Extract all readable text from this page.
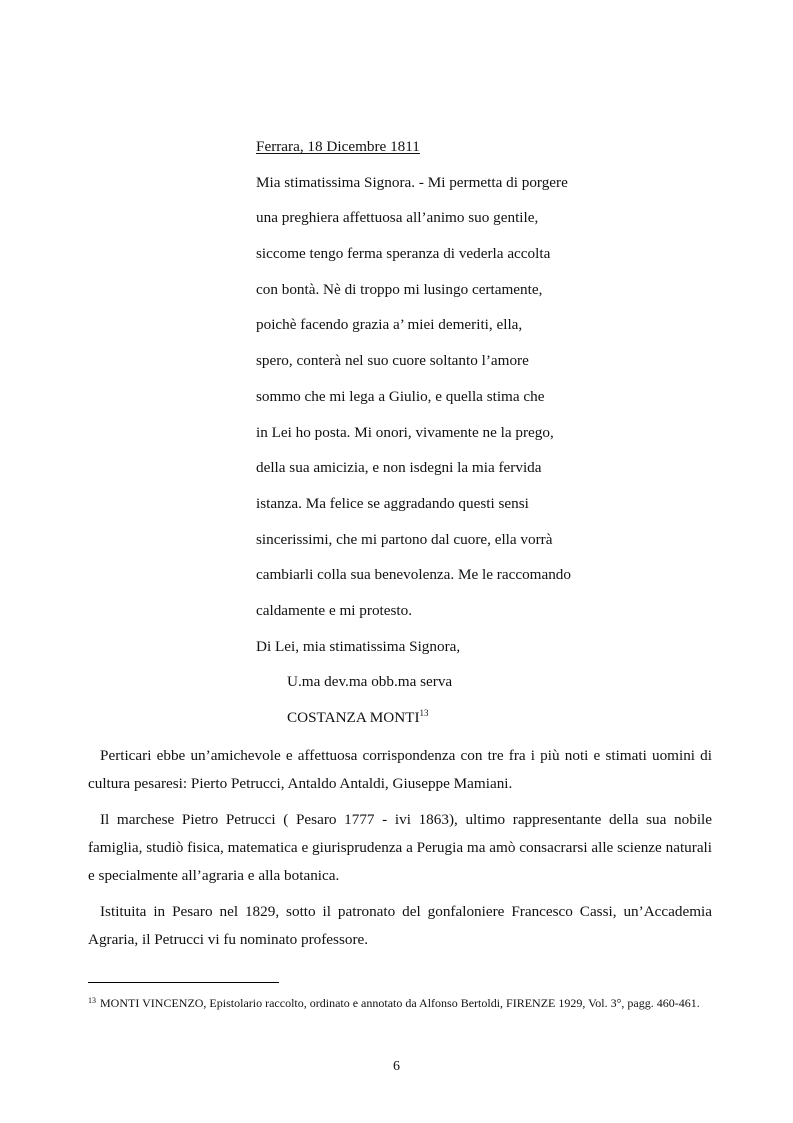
Ferrara, 18 Dicembre 1811
Mia stimatissima Signora. - Mi permetta di porgere
una preghiera affettuosa all’animo suo gentile,
siccome tengo ferma speranza di vederla accolta
con bontà. Nè di troppo mi lusingo certamente,
poichè facendo grazia a’ miei demeriti, ella,
spero, conterà nel suo cuore soltanto l’amore
sommo che mi lega a Giulio, e quella stima che
in Lei ho posta. Mi onori, vivamente ne la prego,
della sua amicizia, e non isdegni la mia fervida
istanza. Ma felice se aggradando questi sensi
sincerissimi, che mi partono dal cuore, ella vorrà
cambiarli colla sua benevolenza. Me le raccomando
caldamente e mi protesto.
Di Lei, mia stimatissima Signora,
U.ma dev.ma obb.ma serva
COSTANZA MONTI$^{13}$

Perticari ebbe un’amichevole e affettuosa corrispondenza con tre fra i più noti e stimati uomini di cultura pesaresi: Pierto Petrucci, Antaldo Antaldi, Giuseppe Mamiani.

Il marchese Pietro Petrucci ( Pesaro 1777 - ivi 1863), ultimo rappresentante della sua nobile famiglia, studiò fisica, matematica e giurisprudenza a Perugia ma amò consacrarsi alle scienze naturali e specialmente all’agraria e alla botanica.

Istituita in Pesaro nel 1829, sotto il patronato del gonfaloniere Francesco Cassi, un’Accademia Agraria, il Petrucci vi fu nominato professore.

$^{13}$ MONTI VINCENZO, Epistolario raccolto, ordinato e annotato da Alfonso Bertoldi, FIRENZE 1929, Vol. 3°, pagg. 460-461.
6
